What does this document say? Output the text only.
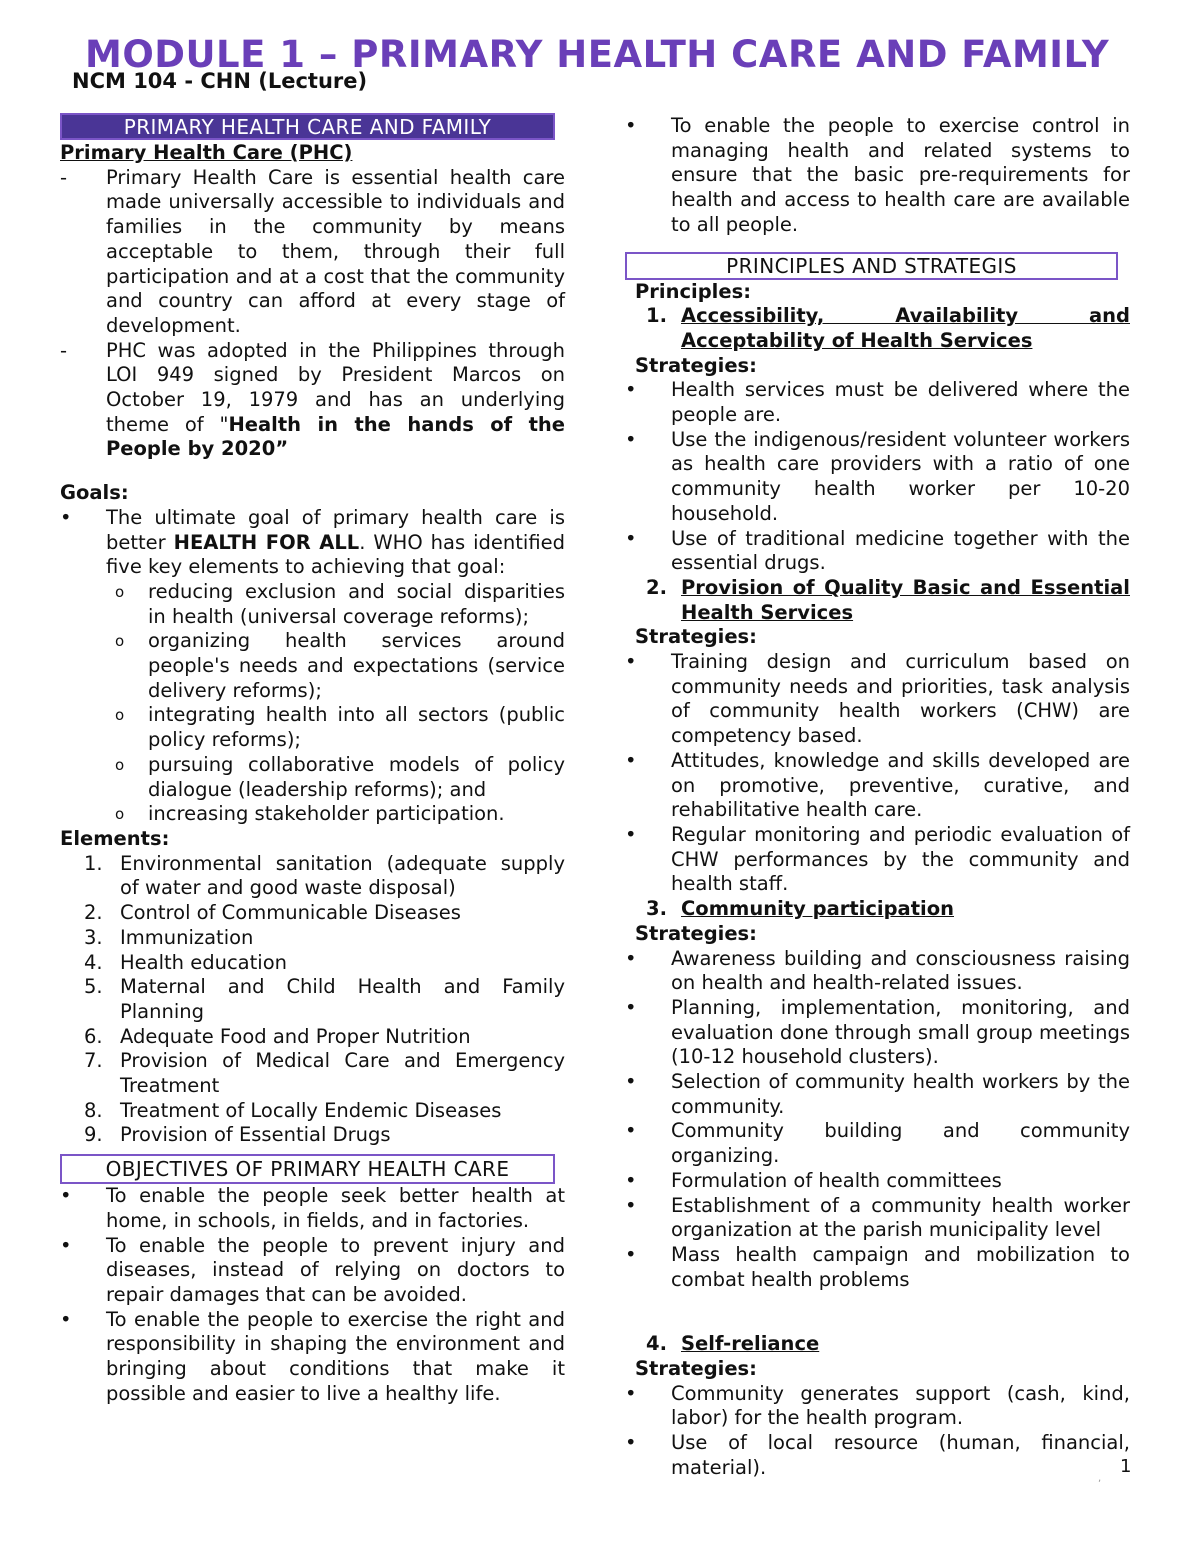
MODULE 1 – PRIMARY HEALTH CARE AND FAMILY
NCM 104 - CHN (Lecture)
PRIMARY HEALTH CARE AND FAMILY
Primary Health Care (PHC)
- Primary Health Care is essential health care made universally accessible to individuals and families in the community by means acceptable to them, through their full participation and at a cost that the community and country can afford at every stage of development.
- PHC was adopted in the Philippines through LOI 949 signed by President Marcos on October 19, 1979 and has an underlying theme of "Health in the hands of the People by 2020”
Goals:
• The ultimate goal of primary health care is better HEALTH FOR ALL. WHO has identified five key elements to achieving that goal:
o reducing exclusion and social disparities in health (universal coverage reforms);
o organizing health services around people's needs and expectations (service delivery reforms);
o integrating health into all sectors (public policy reforms);
o pursuing collaborative models of policy dialogue (leadership reforms); and
o increasing stakeholder participation.
Elements:
1. Environmental sanitation (adequate supply of water and good waste disposal)
2. Control of Communicable Diseases
3. Immunization
4. Health education
5. Maternal and Child Health and Family Planning
6. Adequate Food and Proper Nutrition
7. Provision of Medical Care and Emergency Treatment
8. Treatment of Locally Endemic Diseases
9. Provision of Essential Drugs
OBJECTIVES OF PRIMARY HEALTH CARE
• To enable the people seek better health at home, in schools, in fields, and in factories.
• To enable the people to prevent injury and diseases, instead of relying on doctors to repair damages that can be avoided.
• To enable the people to exercise the right and responsibility in shaping the environment and bringing about conditions that make it possible and easier to live a healthy life.
• To enable the people to exercise control in managing health and related systems to ensure that the basic pre-requirements for health and access to health care are available to all people.
PRINCIPLES AND STRATEGIS
Principles:
1. Accessibility, Availability and Acceptability of Health Services
Strategies:
• Health services must be delivered where the people are.
• Use the indigenous/resident volunteer workers as health care providers with a ratio of one community health worker per 10-20 household.
• Use of traditional medicine together with the essential drugs.
2. Provision of Quality Basic and Essential Health Services
Strategies:
• Training design and curriculum based on community needs and priorities, task analysis of community health workers (CHW) are competency based.
• Attitudes, knowledge and skills developed are on promotive, preventive, curative, and rehabilitative health care.
• Regular monitoring and periodic evaluation of CHW performances by the community and health staff.
3. Community participation
Strategies:
• Awareness building and consciousness raising on health and health-related issues.
• Planning, implementation, monitoring, and evaluation done through small group meetings (10-12 household clusters).
• Selection of community health workers by the community.
• Community building and community organizing.
• Formulation of health committees
• Establishment of a community health worker organization at the parish municipality level
• Mass health campaign and mobilization to combat health problems
4. Self-reliance
Strategies:
• Community generates support (cash, kind, labor) for the health program.
• Use of local resource (human, financial, material).	,
1
